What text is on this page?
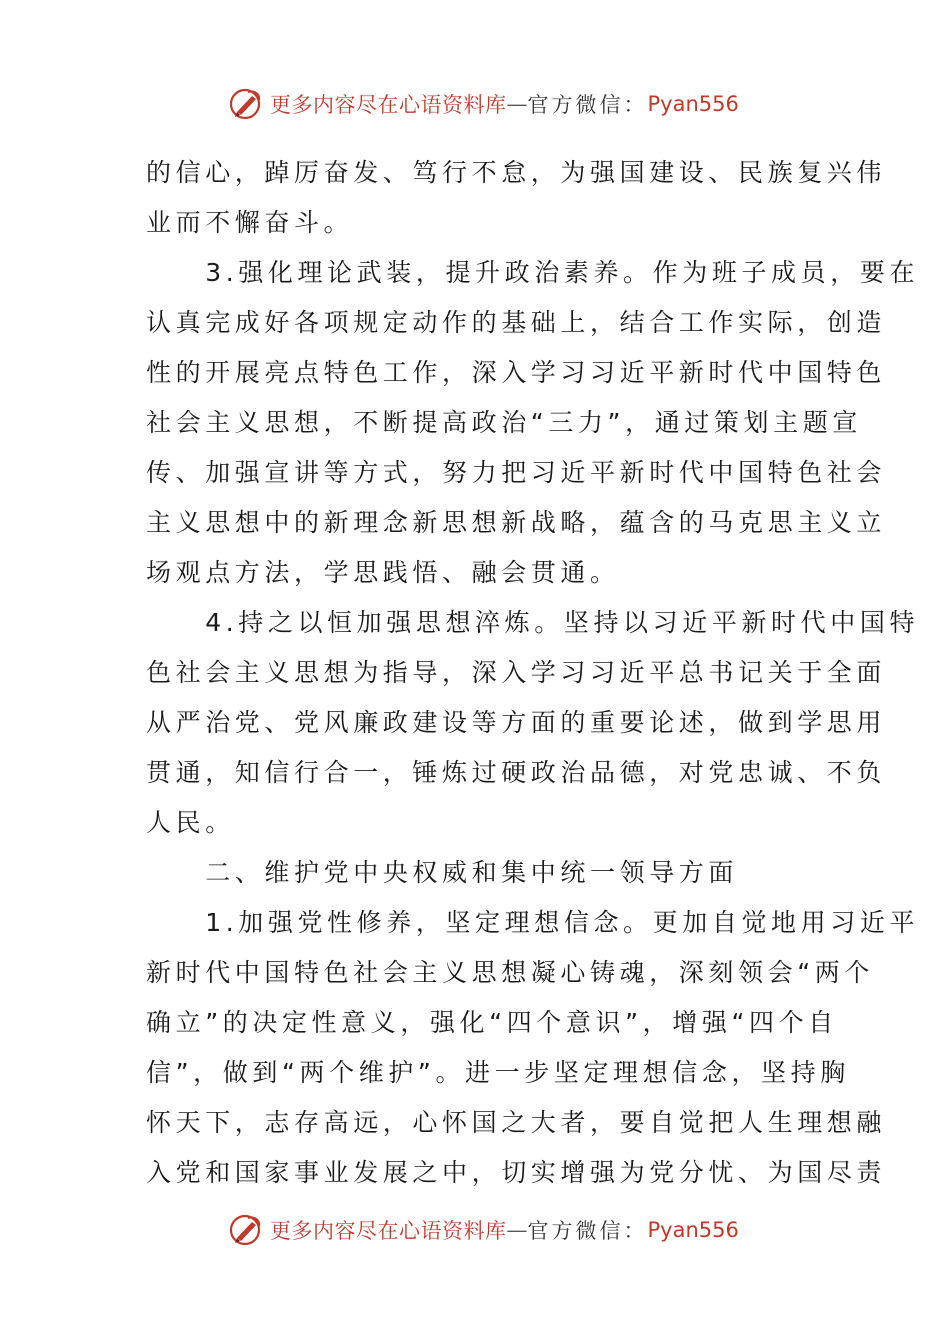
更多内容尽在心语资料库 — 官方微信： Pyan556
的信心，踔厉奋发、笃行不怠，为强国建设、民族复兴伟
业而不懈奋斗。
　　3.强化理论武装，提升政治素养。作为班子成员，要在
认真完成好各项规定动作的基础上，结合工作实际，创造
性的开展亮点特色工作，深入学习习近平新时代中国特色
社会主义思想，不断提高政治“三力”，通过策划主题宣
传、加强宣讲等方式，努力把习近平新时代中国特色社会
主义思想中的新理念新思想新战略，蕴含的马克思主义立
场观点方法，学思践悟、融会贯通。
　　4.持之以恒加强思想淬炼。坚持以习近平新时代中国特
色社会主义思想为指导，深入学习习近平总书记关于全面
从严治党、党风廉政建设等方面的重要论述，做到学思用
贯通，知信行合一，锤炼过硬政治品德，对党忠诚、不负
人民。
　　二、维护党中央权威和集中统一领导方面
　　1.加强党性修养，坚定理想信念。更加自觉地用习近平
新时代中国特色社会主义思想凝心铸魂，深刻领会“两个
确立”的决定性意义，强化“四个意识”，增强“四个自
信”，做到“两个维护”。进一步坚定理想信念，坚持胸
怀天下，志存高远，心怀国之大者，要自觉把人生理想融
入党和国家事业发展之中，切实增强为党分忧、为国尽责
更多内容尽在心语资料库 — 官方微信： Pyan556
